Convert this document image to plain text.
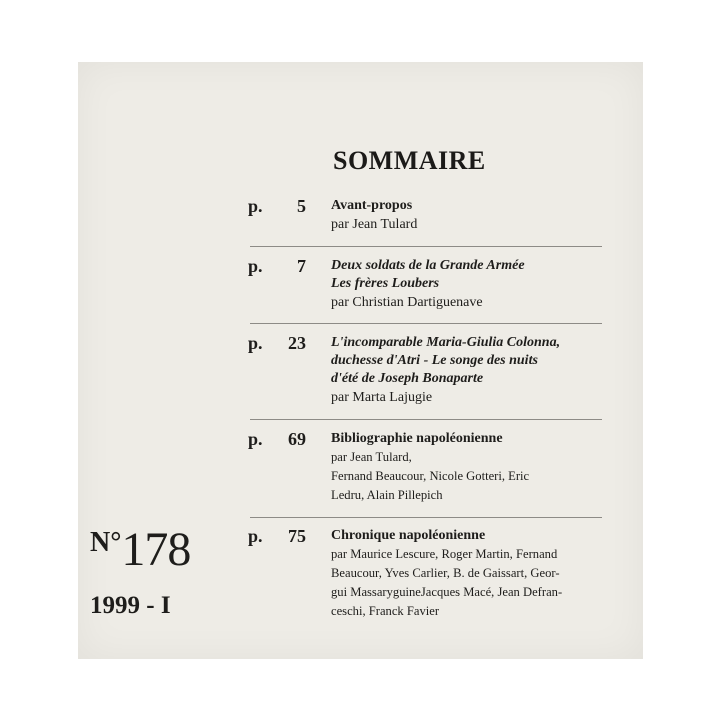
SOMMAIRE
p.	5 Avant-propos
par Jean Tulard
p.	7 Deux soldats de la Grande Armée
Les frères Loubers
par Christian Dartiguenave
p.	23 L'incomparable Maria-Giulia Colonna,
duchesse d'Atri - Le songe des nuits
d'été de Joseph Bonaparte
par Marta Lajugie
p.	69 Bibliographie napoléonienne
par Jean Tulard,
Fernand Beaucour, Nicole Gotteri, Eric
Ledru, Alain Pillepich
p.	75 Chronique napoléonienne
par Maurice Lescure, Roger Martin, Fernand
Beaucour, Yves Carlier, B. de Gaissart, Geor-
gui MassaryguineJacques Macé, Jean Defran-
ceschi, Franck Favier
N°178
1999 - I
